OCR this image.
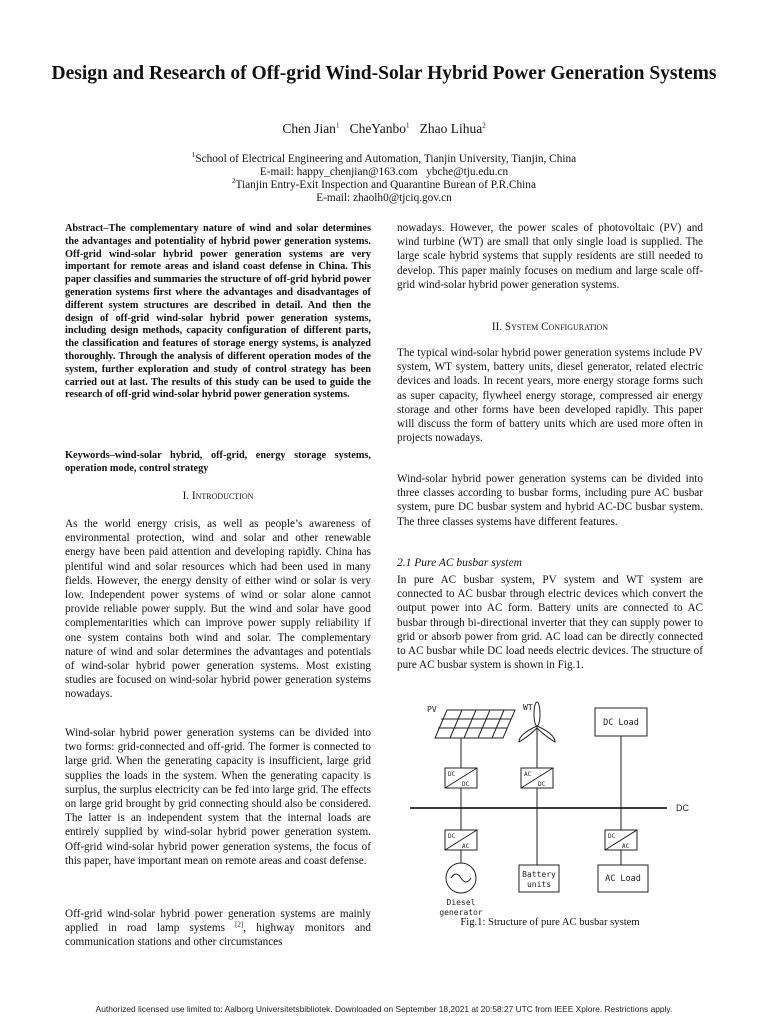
Design and Research of Off-grid Wind-Solar Hybrid Power Generation Systems
Chen Jian$^1$ CheYanbo$^1$ Zhao Lihua$^2$
$^1$School of Electrical Engineering and Automation, Tianjin University, Tianjin, China
E-mail: happy_chenjian@163.com   ybche@tju.edu.cn
$^2$Tianjin Entry-Exit Inspection and Quarantine Burean of P.R.China
E-mail: zhaolh0@tjciq.gov.cn
Abstract–The complementary nature of wind and solar determines the advantages and potentiality of hybrid power generation systems. Off-grid wind-solar hybrid power generation systems are very important for remote areas and island coast defense in China. This paper classifies and summaries the structure of off-grid hybrid power generation systems first where the advantages and disadvantages of different system structures are described in detail. And then the design of off-grid wind-solar hybrid power generation systems, including design methods, capacity configuration of different parts, the classification and features of storage energy systems, is analyzed thoroughly. Through the analysis of different operation modes of the system, further exploration and study of control strategy has been carried out at last. The results of this study can be used to guide the research of off-grid wind-solar hybrid power generation systems.
Keywords–wind-solar hybrid, off-grid, energy storage systems, operation mode, control strategy
I. Introduction
As the world energy crisis, as well as people’s awareness of environmental protection, wind and solar and other renewable energy have been paid attention and developing rapidly. China has plentiful wind and solar resources which had been used in many fields. However, the energy density of either wind or solar is very low. Independent power systems of wind or solar alone cannot provide reliable power supply. But the wind and solar have good complementarities which can improve power supply reliability if one system contains both wind and solar. The complementary nature of wind and solar determines the advantages and potentials of wind-solar hybrid power generation systems. Most existing studies are focused on wind-solar hybrid power generation systems nowadays.
Wind-solar hybrid power generation systems can be divided into two forms: grid-connected and off-grid. The former is connected to large grid. When the generating capacity is insufficient, large grid supplies the loads in the system. When the generating capacity is surplus, the surplus electricity can be fed into large grid. The effects on large grid brought by grid connecting should also be considered. The latter is an independent system that the internal loads are entirely supplied by wind-solar hybrid power generation system. Off-grid wind-solar hybrid power generation systems, the focus of this paper, have important mean on remote areas and coast defense.
Off-grid wind-solar hybrid power generation systems are mainly applied in road lamp systems [2], highway monitors and communication stations and other circumstances
nowadays. However, the power scales of photovoltaic (PV) and wind turbine (WT) are small that only single load is supplied. The large scale hybrid systems that supply residents are still needed to develop. This paper mainly focuses on medium and large scale off-grid wind-solar hybrid power generation systems.
II. System Configuration
The typical wind-solar hybrid power generation systems include PV system, WT system, battery units, diesel generator, related electric devices and loads. In recent years, more energy storage forms such as super capacity, flywheel energy storage, compressed air energy storage and other forms have been developed rapidly. This paper will discuss the form of battery units which are used more often in projects nowadays.
Wind-solar hybrid power generation systems can be divided into three classes according to busbar forms, including pure AC busbar system, pure DC busbar system and hybrid AC-DC busbar system. The three classes systems have different features.
2.1 Pure AC busbar system
In pure AC busbar system, PV system and WT system are connected to AC busbar through electric devices which convert the output power into AC form. Battery units are connected to AC busbar through bi-directional inverter that they can supply power to grid or absorb power from grid. AC load can be directly connected to AC busbar while DC load needs electric devices. The structure of pure AC busbar system is shown in Fig.1.
PV	WT
DC Load
DC
DC
AC
DC
DC
DC
AC
DC
AC
Battery
units
AC Load
Diesel
generator
Fig.1: Structure of pure AC busbar system
Authorized licensed use limited to: Aalborg Universitetsbibliotek. Downloaded on September 18,2021 at 20:58:27 UTC from IEEE Xplore. Restrictions apply.
